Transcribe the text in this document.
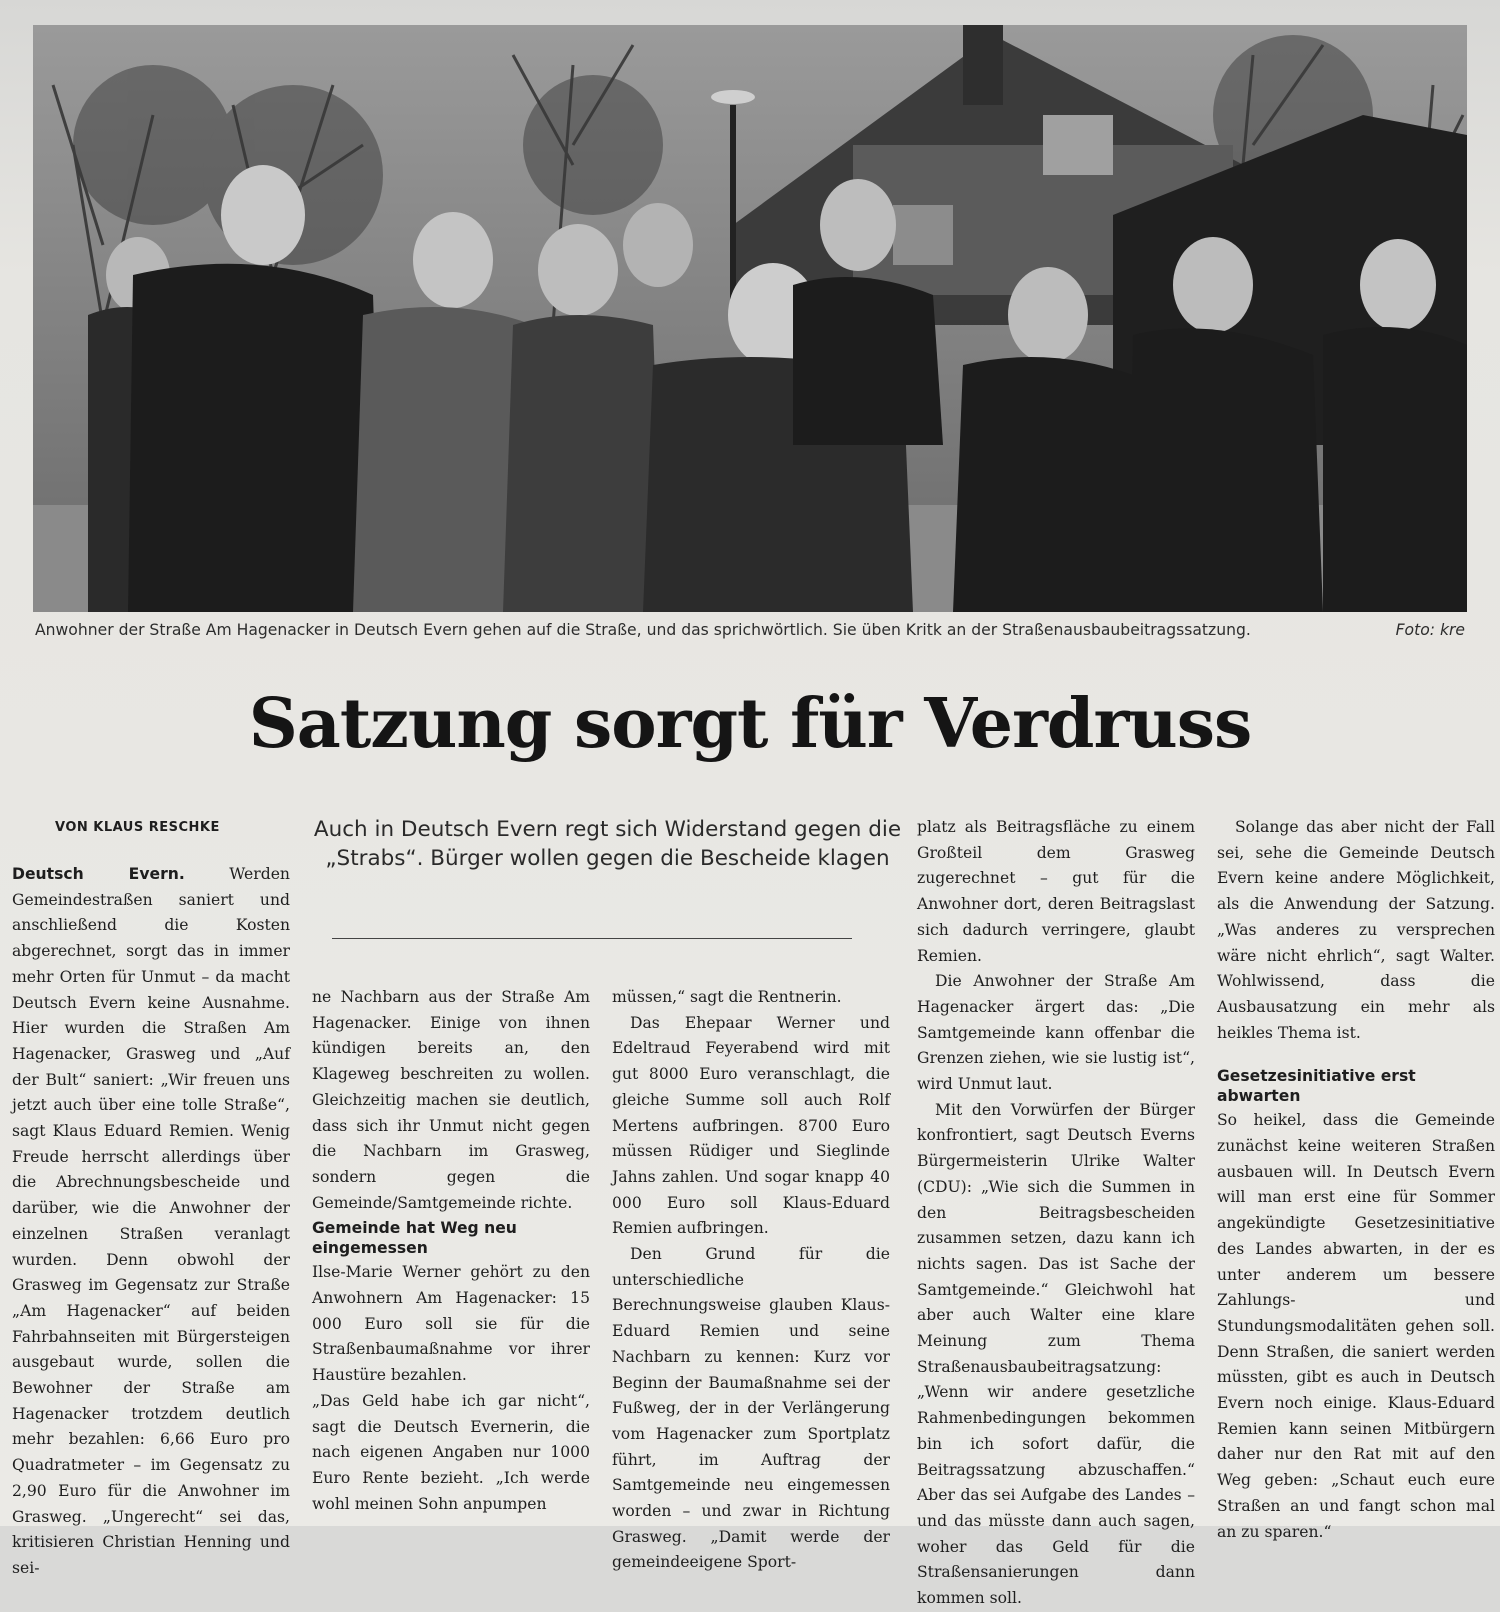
Anwohner der Straße Am Hagenacker in Deutsch Evern gehen auf die Straße, und das sprichwörtlich. Sie üben Kritk an der Straßenausbaubeitragssatzung.	Foto: kre
Satzung sorgt für Verdruss
VON KLAUS RESCHKE	Auch in Deutsch Evern regt sich Widerstand gegen die „Strabs“. Bürger wollen gegen die Bescheide klagen

Deutsch Evern.	Werden Gemeindestraßen saniert und anschließend die Kosten abgerechnet, sorgt das in immer mehr Orten für Unmut – da macht Deutsch Evern keine Ausnahme. Hier wurden die Straßen Am Hagenacker, Grasweg und „Auf der Bult“ saniert: „Wir freuen uns jetzt auch über eine tolle Straße“, sagt Klaus Eduard Remien. Wenig Freude herrscht allerdings über die Abrechnungsbescheide und darüber, wie die Anwohner der einzelnen Straßen veranlagt wurden. Denn obwohl der Grasweg im Gegensatz zur Straße „Am Hagenacker“ auf beiden Fahrbahnseiten mit Bürgersteigen ausgebaut wurde, sollen die Bewohner der Straße am Hagenacker trotzdem deutlich mehr bezahlen: 6,66 Euro pro Quadratmeter – im Gegensatz zu 2,90 Euro für die Anwohner im Grasweg. „Ungerecht“ sei das, kritisieren Christian Henning und sei-

ne Nachbarn aus der Straße Am Hagenacker. Einige von ihnen kündigen bereits an, den Klageweg beschreiten zu wollen. Gleichzeitig machen sie deutlich, dass sich ihr Unmut nicht gegen die Nachbarn im Grasweg, sondern gegen die Gemeinde/Samtgemeinde richte.

Gemeinde hat Weg neu eingemessen

Ilse-Marie Werner gehört zu den Anwohnern Am Hagenacker: 15 000 Euro soll sie für die Straßenbaumaßnahme vor ihrer Haustüre bezahlen.

„Das Geld habe ich gar nicht“, sagt die Deutsch Evernerin, die nach eigenen Angaben nur 1000 Euro Rente bezieht. „Ich werde wohl meinen Sohn anpumpen

müssen,“ sagt die Rentnerin.

Das Ehepaar Werner und Edeltraud Feyerabend wird mit gut 8000 Euro veranschlagt, die gleiche Summe soll auch Rolf Mertens aufbringen. 8700 Euro müssen Rüdiger und Sieglinde Jahns zahlen. Und sogar knapp 40 000 Euro soll Klaus-Eduard Remien aufbringen.

Den Grund für die unterschiedliche Berechnungsweise glauben Klaus-Eduard Remien und seine Nachbarn zu kennen: Kurz vor Beginn der Baumaßnahme sei der Fußweg, der in der Verlängerung vom Hagenacker zum Sportplatz führt, im Auftrag der Samtgemeinde neu eingemessen worden – und zwar in Richtung Grasweg. „Damit werde der gemeindeeigene Sport-

platz als Beitragsfläche zu einem Großteil dem Grasweg zugerechnet – gut für die Anwohner dort, deren Beitragslast sich dadurch verringere, glaubt Remien.

Die Anwohner der Straße Am Hagenacker ärgert das: „Die Samtgemeinde kann offenbar die Grenzen ziehen, wie sie lustig ist“, wird Unmut laut.

Mit den Vorwürfen der Bürger konfrontiert, sagt Deutsch Everns Bürgermeisterin Ulrike Walter (CDU): „Wie sich die Summen in den Beitragsbescheiden zusammen setzen, dazu kann ich nichts sagen. Das ist Sache der Samtgemeinde.“ Gleichwohl hat aber auch Walter eine klare Meinung zum Thema Straßenausbaubeitragsatzung: „Wenn wir andere gesetzliche Rahmenbedingungen bekommen bin ich sofort dafür, die Beitragssatzung abzuschaffen.“ Aber das sei Aufgabe des Landes – und das müsste dann auch sagen, woher das Geld für die Straßensanierungen dann kommen soll.

Solange das aber nicht der Fall sei, sehe die Gemeinde Deutsch Evern keine andere Möglichkeit, als die Anwendung der Satzung. „Was anderes zu versprechen wäre nicht ehrlich“, sagt Walter. Wohlwissend, dass die Ausbausatzung ein mehr als heikles Thema ist.

Gesetzesinitiative erst abwarten

So heikel, dass die Gemeinde zunächst keine weiteren Straßen ausbauen will. In Deutsch Evern will man erst eine für Sommer angekündigte Gesetzesinitiative des Landes abwarten, in der es unter anderem um bessere Zahlungs- und Stundungsmodalitäten gehen soll. Denn Straßen, die saniert werden müssten, gibt es auch in Deutsch Evern noch einige. Klaus-Eduard Remien kann seinen Mitbürgern daher nur den Rat mit auf den Weg geben: „Schaut euch eure Straßen an und fangt schon mal an zu sparen.“
